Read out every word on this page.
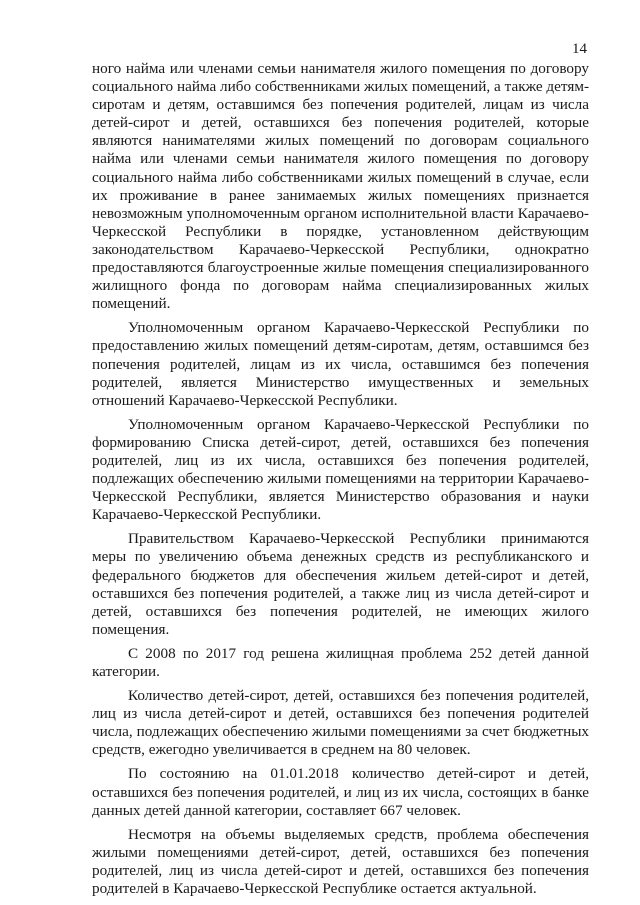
14

ного найма или членами семьи нанимателя жилого помещения по договору социального найма либо собственниками жилых помещений, а также детям-сиротам и детям, оставшимся без попечения родителей, лицам из числа детей-сирот и детей, оставшихся без попечения родителей, которые являются нанимателями жилых помещений по договорам социального найма или членами семьи нанимателя жилого помещения по договору социального найма либо собственниками жилых помещений в случае, если их проживание в ранее занимаемых жилых помещениях признается невозможным уполномоченным органом исполнительной власти Карачаево-Черкесской Республики в порядке, установленном действующим законодательством Карачаево-Черкесской Республики, однократно предоставляются благоустроенные жилые помещения специализированного жилищного фонда по договорам найма специализированных жилых помещений.

Уполномоченным органом Карачаево-Черкесской Республики по предоставлению жилых помещений детям-сиротам, детям, оставшимся без попечения родителей, лицам из их числа, оставшимся без попечения родителей, является Министерство имущественных и земельных отношений Карачаево-Черкесской Республики.

Уполномоченным органом Карачаево-Черкесской Республики по формированию Списка детей-сирот, детей, оставшихся без попечения родителей, лиц из их числа, оставшихся без попечения родителей, подлежащих обеспечению жилыми помещениями на территории Карачаево-Черкесской Республики, является Министерство образования и науки Карачаево-Черкесской Республики.

Правительством Карачаево-Черкесской Республики принимаются меры по увеличению объема денежных средств из республиканского и федерального бюджетов для обеспечения жильем детей-сирот и детей, оставшихся без попечения родителей, а также лиц из числа детей-сирот и детей, оставшихся без попечения родителей, не имеющих жилого помещения.

С 2008 по 2017 год решена жилищная проблема 252 детей данной категории.

Количество детей-сирот, детей, оставшихся без попечения родителей, лиц из числа детей-сирот и детей, оставшихся без попечения родителей числа, подлежащих обеспечению жилыми помещениями за счет бюджетных средств, ежегодно увеличивается в среднем на 80 человек.

По состоянию на 01.01.2018 количество детей-сирот и детей, оставшихся без попечения родителей, и лиц из их числа, состоящих в банке данных детей данной категории, составляет 667 человек.

Несмотря на объемы выделяемых средств, проблема обеспечения жилыми помещениями детей-сирот, детей, оставшихся без попечения родителей, лиц из числа детей-сирот и детей, оставшихся без попечения родителей в Карачаево-Черкесской Республике остается актуальной.
